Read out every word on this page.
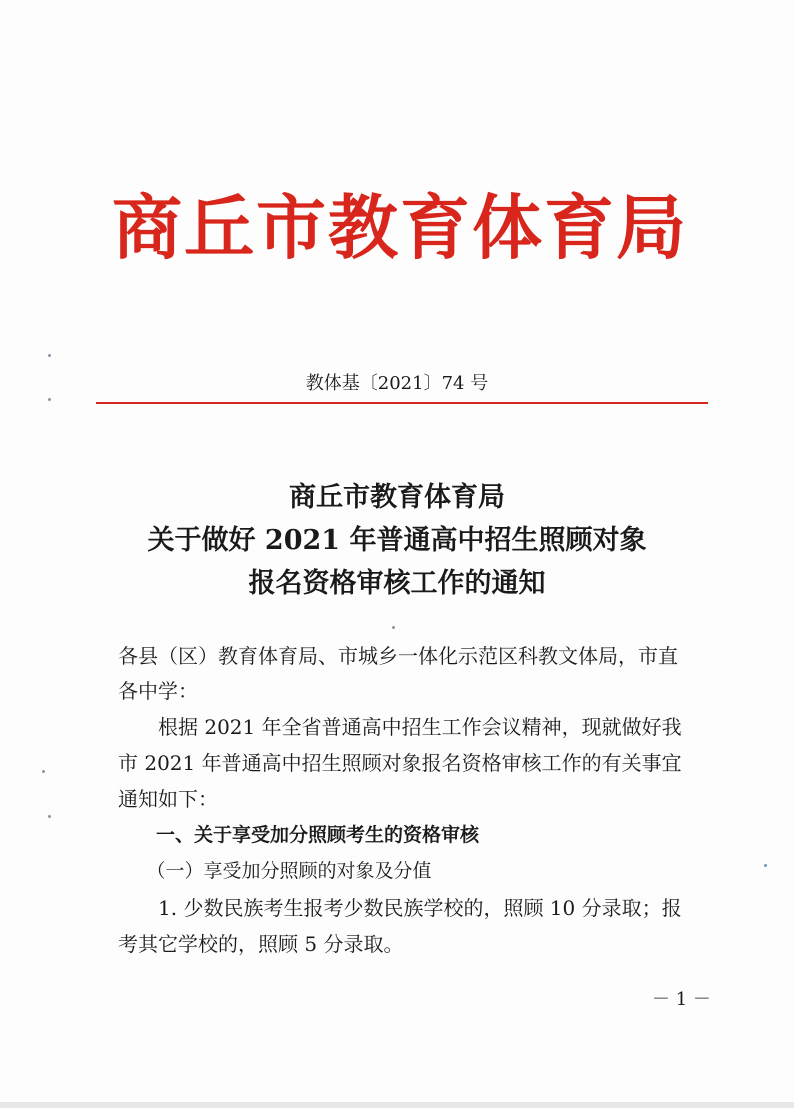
商丘市教育体育局
教体基〔2021〕74 号
商丘市教育体育局
关于做好 2021 年普通高中招生照顾对象
报名资格审核工作的通知
各县（区）教育体育局、市城乡一体化示范区科教文体局，市直
各中学：
　　根据 2021 年全省普通高中招生工作会议精神，现就做好我
市 2021 年普通高中招生照顾对象报名资格审核工作的有关事宜
通知如下：
　　一、关于享受加分照顾考生的资格审核
　　（一）享受加分照顾的对象及分值
　　1. 少数民族考生报考少数民族学校的，照顾 10 分录取；报
考其它学校的，照顾 5 分录取。
－ 1 －
